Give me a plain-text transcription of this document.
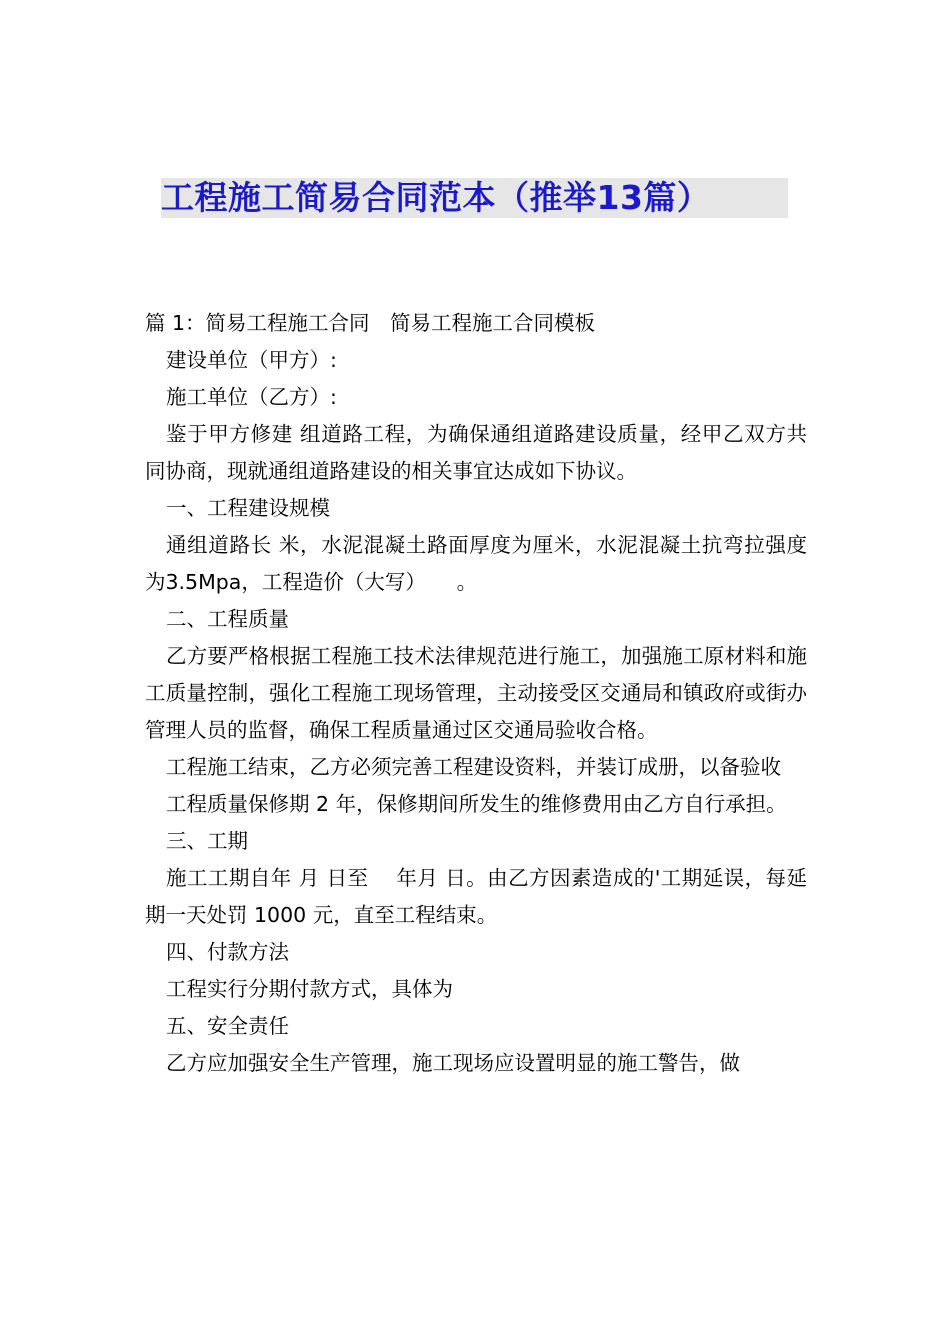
工程施工简易合同范本（推举13篇）

篇 1：简易工程施工合同　简易工程施工合同模板

建设单位（甲方）:

施工单位（乙方）:

鉴于甲方修建 组道路工程，为确保通组道路建设质量，经甲乙双方共同协商，现就通组道路建设的相关事宜达成如下协议。

一、工程建设规模

通组道路长 米，水泥混凝土路面厚度为厘米，水泥混凝土抗弯拉强度为3.5Mpa，工程造价（大写）　　。

二、工程质量

乙方要严格根据工程施工技术法律规范进行施工，加强施工原材料和施工质量控制，强化工程施工现场管理，主动接受区交通局和镇政府或街办管理人员的监督，确保工程质量通过区交通局验收合格。

工程施工结束，乙方必须完善工程建设资料，并装订成册，以备验收

工程质量保修期 2 年，保修期间所发生的维修费用由乙方自行承担。

三、工期

施工工期自年 月 日至　 年月 日。由乙方因素造成的'工期延误，每延期一天处罚 1000 元，直至工程结束。

四、付款方法

工程实行分期付款方式，具体为

五、安全责任

乙方应加强安全生产管理，施工现场应设置明显的施工警告，做
